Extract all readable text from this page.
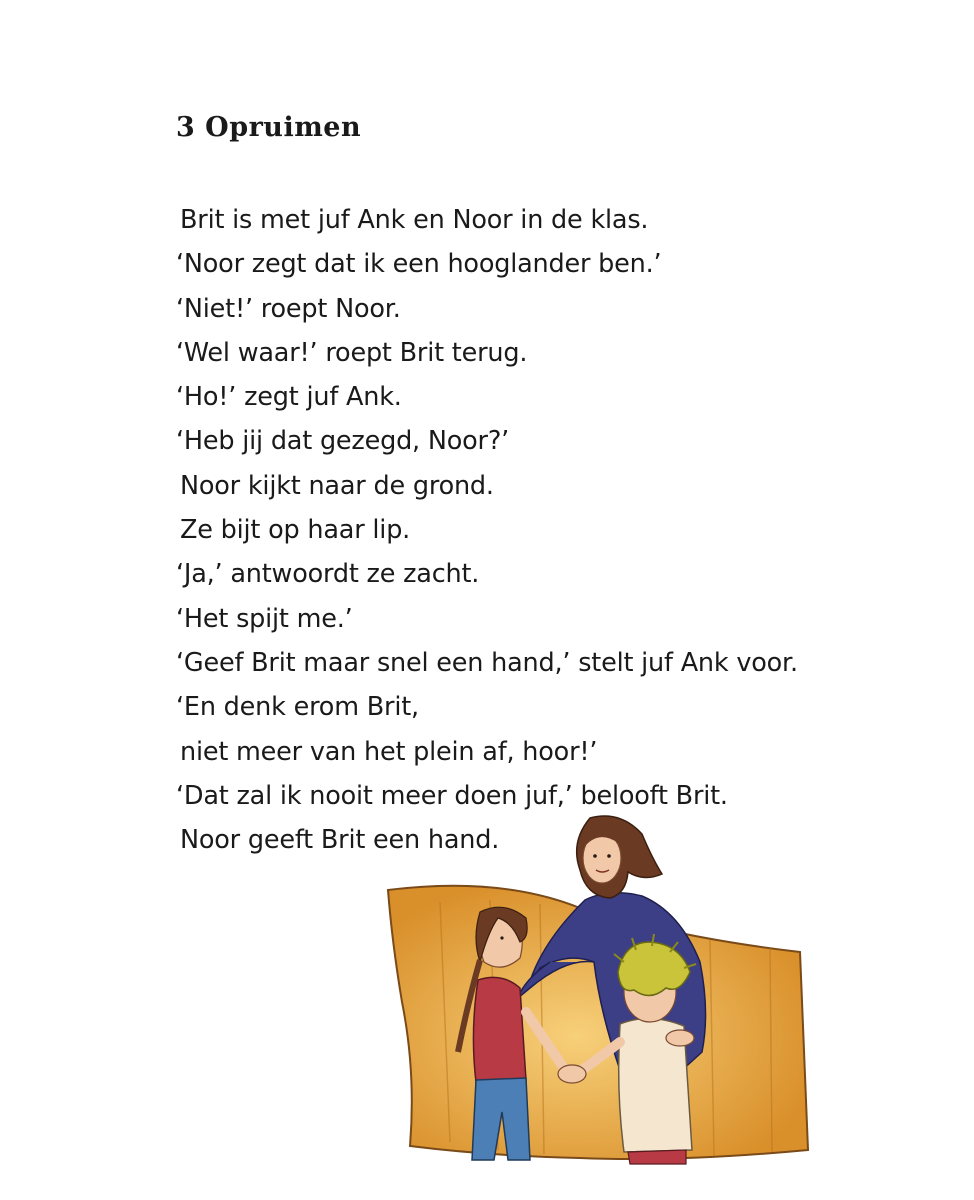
3 Opruimen
Brit is met juf Ank en Noor in de klas.
‘Noor zegt dat ik een hooglander ben.’
‘Niet!’ roept Noor.
‘Wel waar!’ roept Brit terug.
‘Ho!’ zegt juf Ank.
‘Heb jij dat gezegd, Noor?’
Noor kijkt naar de grond.
Ze bijt op haar lip.
‘Ja,’ antwoordt ze zacht.
‘Het spijt me.’
‘Geef Brit maar snel een hand,’ stelt juf Ank voor.
‘En denk erom Brit,
niet meer van het plein af, hoor!’
‘Dat zal ik nooit meer doen juf,’ belooft Brit.
Noor geeft Brit een hand.
